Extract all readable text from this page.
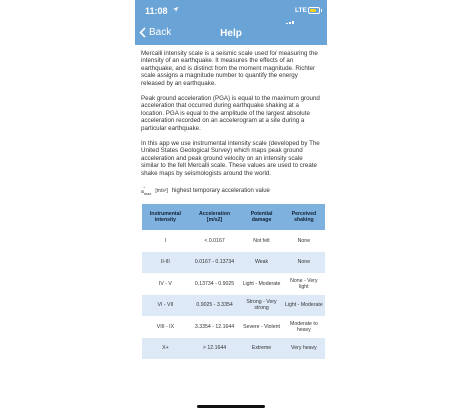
11:08	LTE
Back	Help

Mercalli intensity scale is a seismic scale used for measuring the intensity of an earthquake. It measures the effects of an earthquake, and is distinct from the moment magnitude. Richter scale assigns a magnitude number to quantify the energy released by an earthquake.

Peak ground acceleration (PGA) is equal to the maximum ground acceleration that occurred during earthquake shaking at a location. PGA is equal to the amplitude of the largest absolute acceleration recorded on an accelerogram at a site during a particular earthquake.

In this app we use instrumental intensity scale (developed by The United States Geological Survey) which maps peak ground acceleration and peak ground velocity on an intensity scale similar to the felt Mercalli scale. These values are used to create shake maps by seismologists around the world.

→
$a_{max}$ [m/s²] highest temporary acceleration value
Instrumental intensity	Acceleration [m/s2]	Potential damage	Perceived shaking
I	< 0.0167	Not felt	None
II-III	0.0167 - 0.13734	Weak	None
IV - V	0.13734 - 0.9025	Light - Moderate	None - Very light
VI - VII	0.9025 - 3.3354	Strong - Very strong	Light - Moderate
VIII - IX	3.3354 - 12.1644	Severe - Violent	Moderate to heavy
X+	> 12.1644	Extreme	Very heavy
